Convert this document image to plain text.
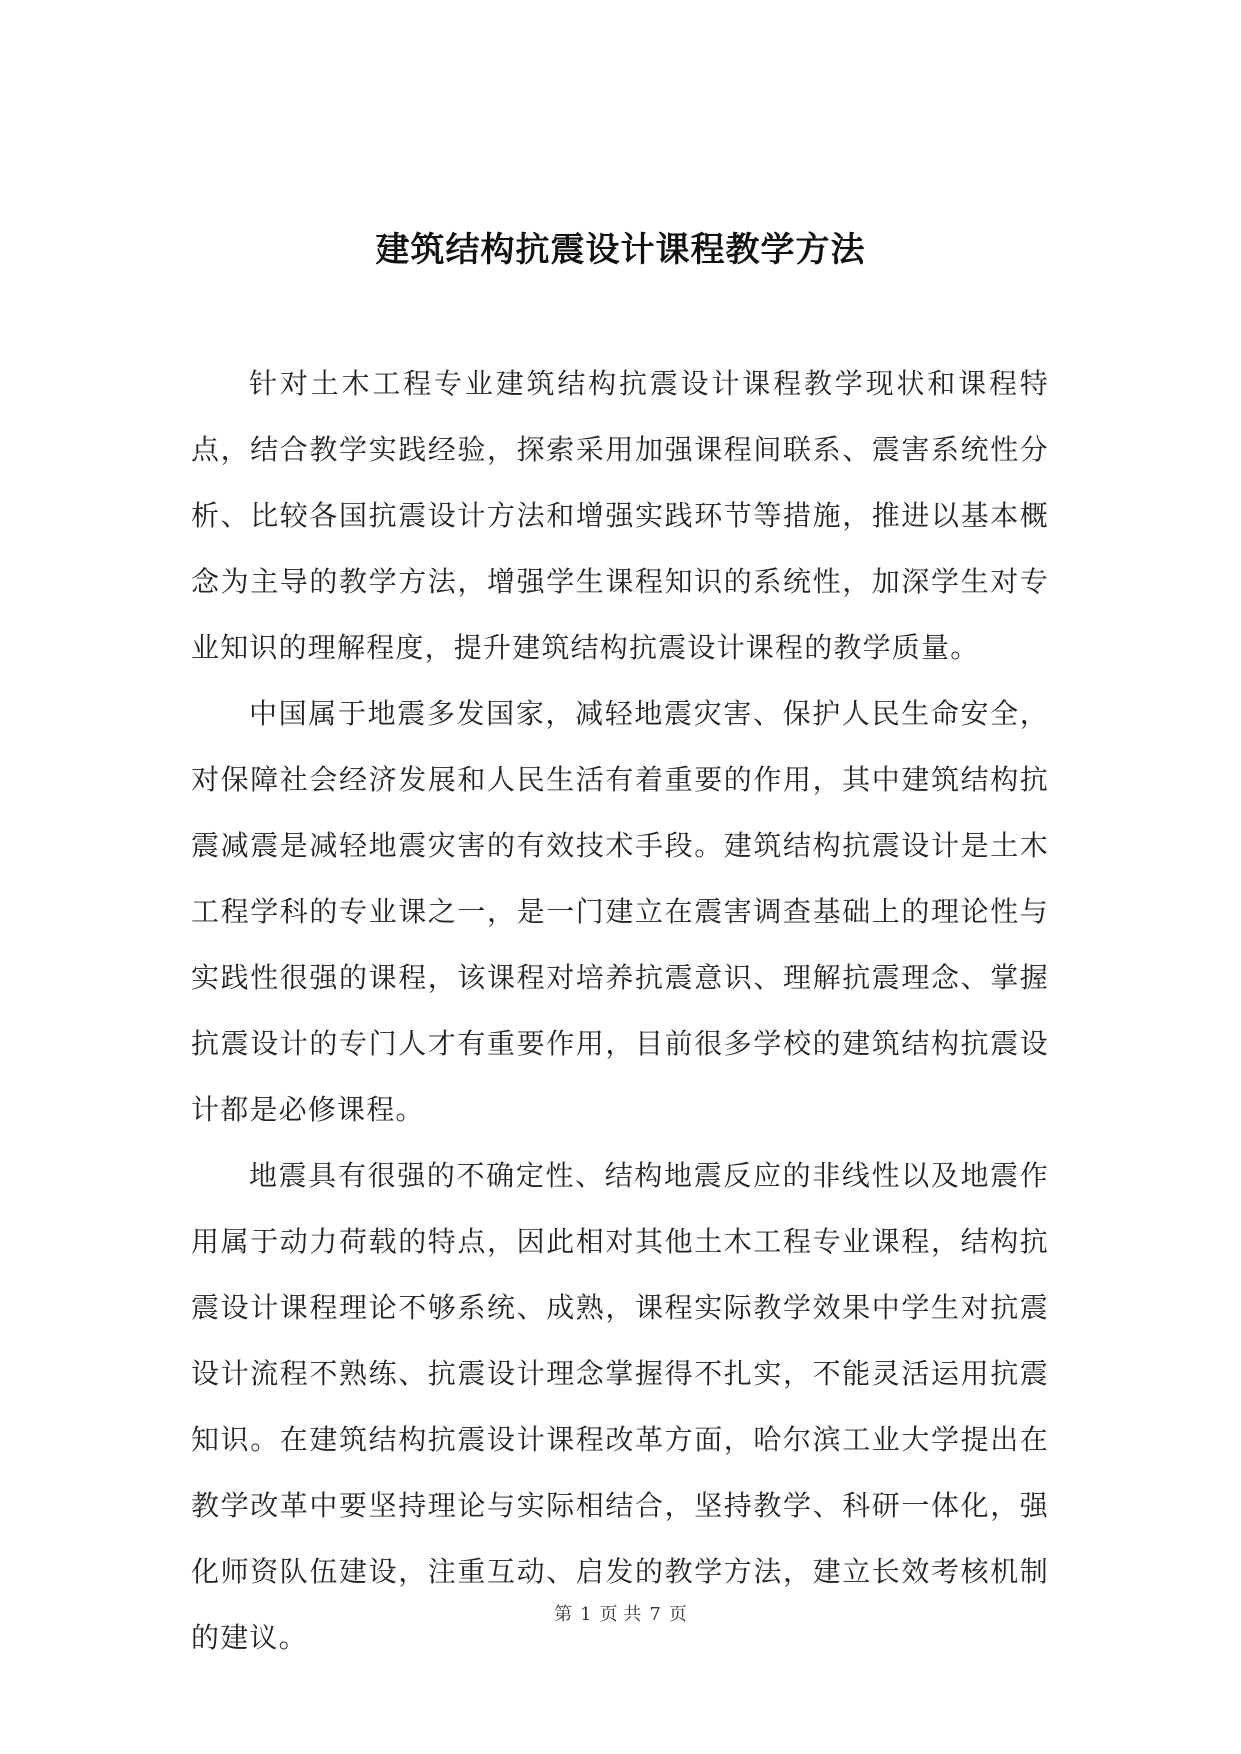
建筑结构抗震设计课程教学方法

针对土木工程专业建筑结构抗震设计课程教学现状和课程特点，结合教学实践经验，探索采用加强课程间联系、震害系统性分析、比较各国抗震设计方法和增强实践环节等措施，推进以基本概念为主导的教学方法，增强学生课程知识的系统性，加深学生对专业知识的理解程度，提升建筑结构抗震设计课程的教学质量。

中国属于地震多发国家，减轻地震灾害、保护人民生命安全，对保障社会经济发展和人民生活有着重要的作用，其中建筑结构抗震减震是减轻地震灾害的有效技术手段。建筑结构抗震设计是土木工程学科的专业课之一，是一门建立在震害调查基础上的理论性与实践性很强的课程，该课程对培养抗震意识、理解抗震理念、掌握抗震设计的专门人才有重要作用，目前很多学校的建筑结构抗震设计都是必修课程。

地震具有很强的不确定性、结构地震反应的非线性以及地震作用属于动力荷载的特点，因此相对其他土木工程专业课程，结构抗震设计课程理论不够系统、成熟，课程实际教学效果中学生对抗震设计流程不熟练、抗震设计理念掌握得不扎实，不能灵活运用抗震知识。在建筑结构抗震设计课程改革方面，哈尔滨工业大学提出在教学改革中要坚持理论与实际相结合，坚持教学、科研一体化，强化师资队伍建设，注重互动、启发的教学方法，建立长效考核机制的建议。

第 1 页 共 7 页
